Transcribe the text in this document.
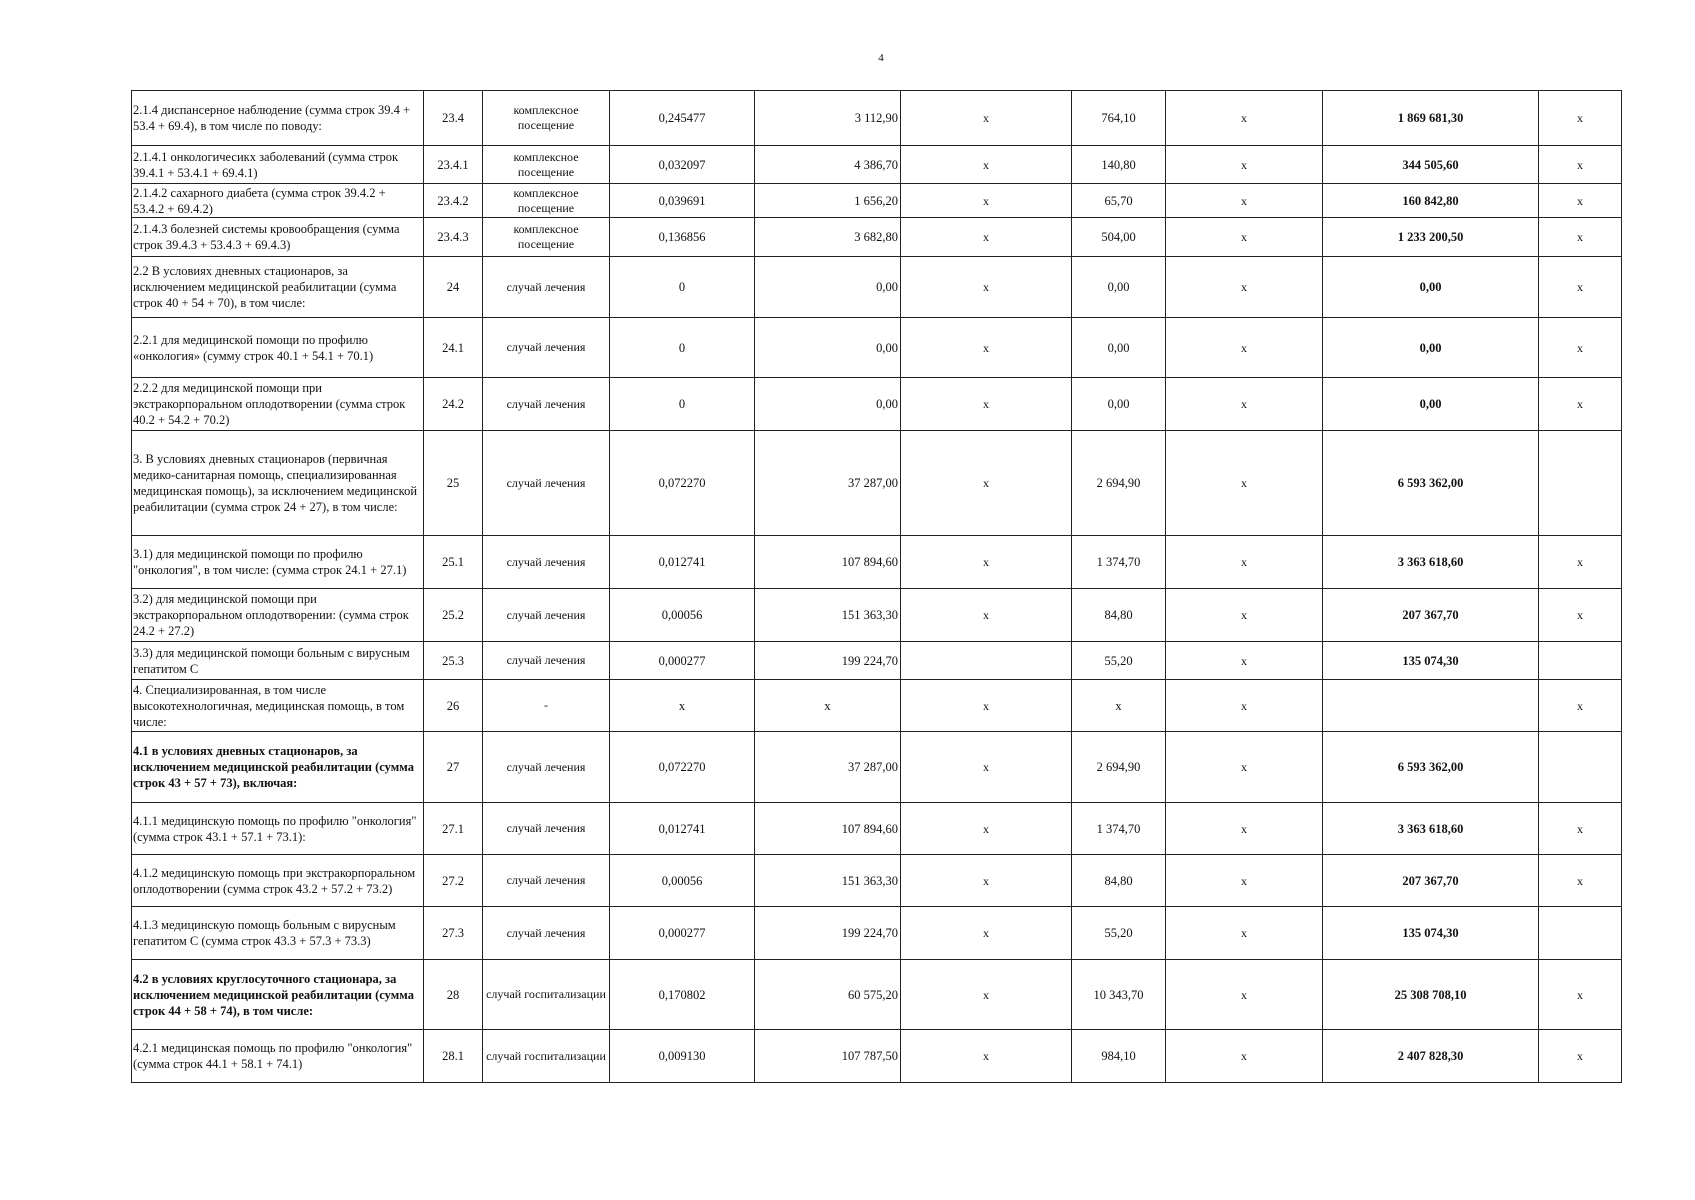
4
2.1.4 диспансерное наблюдение (сумма строк 39.4 + 53.4 + 69.4), в том числе по поводу:	23.4	комплексное посещение	0,245477	3 112,90	х	764,10	х	1 869 681,30	х
2.1.4.1 онкологичесикх заболеваний (сумма строк 39.4.1 + 53.4.1 + 69.4.1)	23.4.1	комплексное посещение	0,032097	4 386,70	х	140,80	х	344 505,60	х
2.1.4.2 сахарного диабета (сумма строк 39.4.2 + 53.4.2 + 69.4.2)	23.4.2	комплексное посещение	0,039691	1 656,20	х	65,70	х	160 842,80	х
2.1.4.3 болезней системы кровообращения (сумма строк 39.4.3 + 53.4.3 + 69.4.3)	23.4.3	комплексное посещение	0,136856	3 682,80	х	504,00	х	1 233 200,50	х
2.2 В условиях дневных стационаров, за исключением медицинской реабилитации (сумма строк 40 + 54 + 70), в том числе:	24	случай лечения	0	0,00	х	0,00	х	0,00	х
2.2.1 для медицинской помощи по профилю «онкология» (сумму строк 40.1 + 54.1 + 70.1)	24.1	случай лечения	0	0,00	х	0,00	х	0,00	х
2.2.2 для медицинской помощи при экстракорпоральном оплодотворении (сумма строк 40.2 + 54.2 + 70.2)	24.2	случай лечения	0	0,00	х	0,00	х	0,00	х
3. В условиях дневных стационаров (первичная медико-санитарная помощь, специализированная медицинская помощь), за исключением медицинской реабилитации (сумма строк 24 + 27), в том числе:	25	случай лечения	0,072270	37 287,00	х	2 694,90	х	6 593 362,00	
3.1) для медицинской помощи по профилю "онкология", в том числе: (сумма строк 24.1 + 27.1)	25.1	случай лечения	0,012741	107 894,60	х	1 374,70	х	3 363 618,60	х
3.2) для медицинской помощи при экстракорпоральном оплодотворении: (сумма строк 24.2 + 27.2)	25.2	случай лечения	0,00056	151 363,30	х	84,80	х	207 367,70	х
3.3) для медицинской помощи больным с вирусным гепатитом С	25.3	случай лечения	0,000277	199 224,70		55,20	х	135 074,30	
4. Специализированная, в том числе высокотехнологичная, медицинская помощь, в том числе:	26	-	х	х	х	х	х		х
4.1 в условиях дневных стационаров, за исключением медицинской реабилитации (сумма строк 43 + 57 + 73), включая:	27	случай лечения	0,072270	37 287,00	х	2 694,90	х	6 593 362,00	
4.1.1 медицинскую помощь по профилю "онкология" (сумма строк 43.1 + 57.1 + 73.1):	27.1	случай лечения	0,012741	107 894,60	х	1 374,70	х	3 363 618,60	х
4.1.2 медицинскую помощь при экстракорпоральном оплодотворении (сумма строк 43.2 + 57.2 + 73.2)	27.2	случай лечения	0,00056	151 363,30	х	84,80	х	207 367,70	х
4.1.3 медицинскую помощь больным с вирусным гепатитом С (сумма строк 43.3 + 57.3 + 73.3)	27.3	случай лечения	0,000277	199 224,70	х	55,20	х	135 074,30	
4.2 в условиях круглосуточного стационара, за исключением медицинской реабилитации (сумма строк 44 + 58 + 74), в том числе:	28	случай госпитализации	0,170802	60 575,20	х	10 343,70	х	25 308 708,10	х
4.2.1 медицинская помощь по профилю "онкология" (сумма строк 44.1 + 58.1 + 74.1)	28.1	случай госпитализации	0,009130	107 787,50	х	984,10	х	2 407 828,30	х
